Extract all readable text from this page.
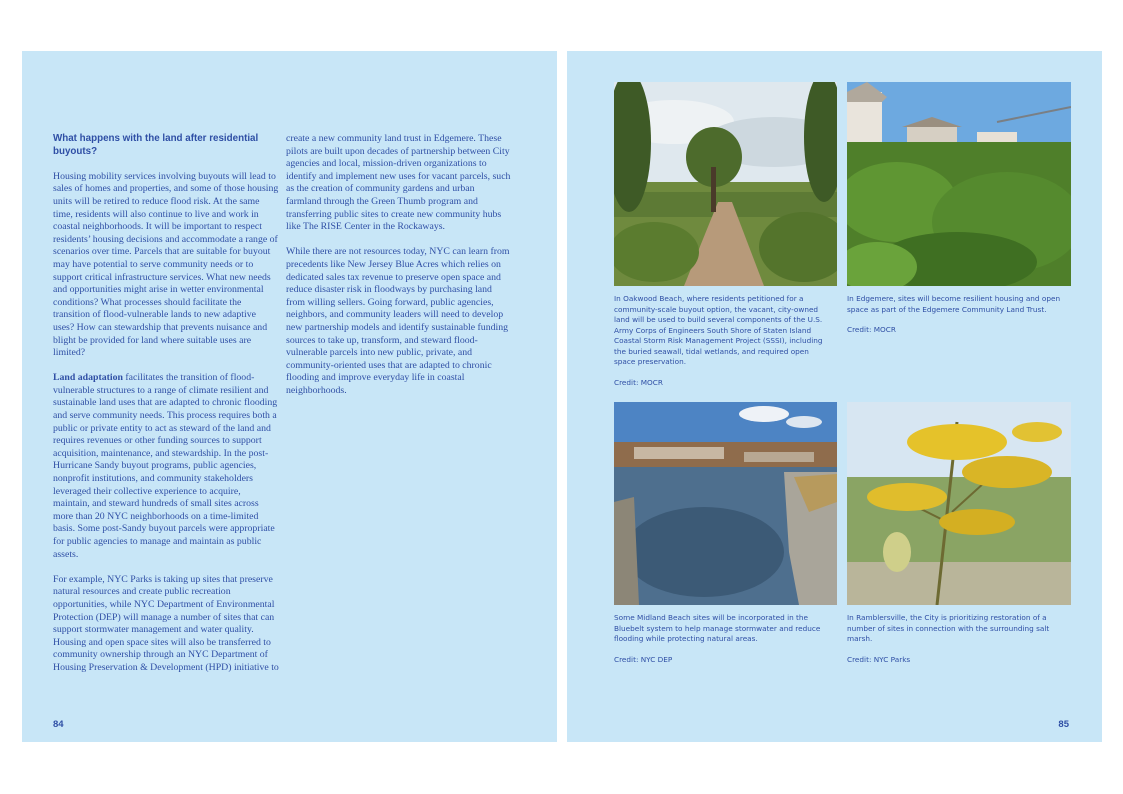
What happens with the land after residential buyouts?

Housing mobility services involving buyouts will lead to sales of homes and properties, and some of those housing units will be retired to reduce flood risk. At the same time, residents will also continue to live and work in coastal neighborhoods. It will be important to respect residents’ housing decisions and accommodate a range of scenarios over time. Parcels that are suitable for buyout may have potential to serve community needs or to support critical infrastructure services. What new needs and opportunities might arise in wetter environmental conditions? What processes should facilitate the transition of flood-vulnerable lands to new adaptive uses? How can stewardship that prevents nuisance and blight be provided for land where suitable uses are limited?

Land adaptation facilitates the transition of flood-vulnerable structures to a range of climate resilient and sustainable land uses that are adapted to chronic flooding and serve community needs. This process requires both a public or private entity to act as steward of the land and requires revenues or other funding sources to support acquisition, maintenance, and stewardship. In the post-Hurricane Sandy buyout programs, public agencies, nonprofit institutions, and community stakeholders leveraged their collective experience to acquire, maintain, and steward hundreds of small sites across more than 20 NYC neighborhoods on a time-limited basis. Some post-Sandy buyout parcels were appropriate for public agencies to manage and maintain as public assets.

For example, NYC Parks is taking up sites that preserve natural resources and create public recreation opportunities, while NYC Department of Environmental Protection (DEP) will manage a number of sites that can support stormwater management and water quality. Housing and open space sites will also be transferred to community ownership through an NYC Department of Housing Preservation & Development (HPD) initiative to

create a new community land trust in Edgemere. These pilots are built upon decades of partnership between City agencies and local, mission-driven organizations to identify and implement new uses for vacant parcels, such as the creation of community gardens and urban farmland through the Green Thumb program and transferring public sites to create new community hubs like The RISE Center in the Rockaways.

While there are not resources today, NYC can learn from precedents like New Jersey Blue Acres which relies on dedicated sales tax revenue to preserve open space and reduce disaster risk in floodways by purchasing land from willing sellers. Going forward, public agencies, neighbors, and community leaders will need to develop new partnership models and identify sustainable funding sources to take up, transform, and steward flood-vulnerable parcels into new public, private, and community-oriented uses that are adapted to chronic flooding and improve everyday life in coastal neighborhoods.

84
In Oakwood Beach, where residents petitioned for a community-scale buyout option, the vacant, city-owned land will be used to build several components of the U.S. Army Corps of Engineers South Shore of Staten Island Coastal Storm Risk Management Project (SSSI), including the buried seawall, tidal wetlands, and required open space preservation.
Credit: MOCR
In Edgemere, sites will become resilient housing and open space as part of the Edgemere Community Land Trust.
Credit: MOCR
Some Midland Beach sites will be incorporated in the Bluebelt system to help manage stormwater and reduce flooding while protecting natural areas.
Credit: NYC DEP
In Ramblersville, the City is prioritizing restoration of a number of sites in connection with the surrounding salt marsh.
Credit: NYC Parks
85
